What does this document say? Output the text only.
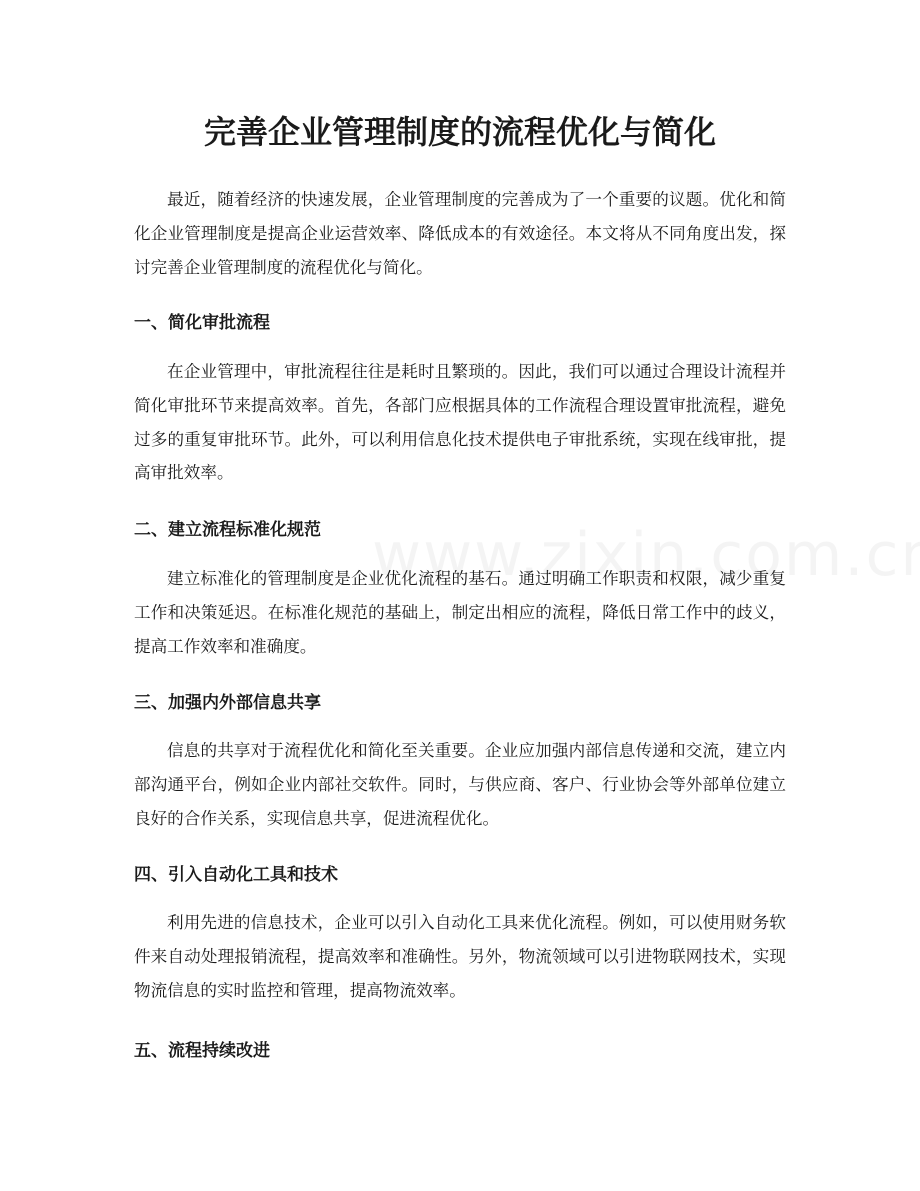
完善企业管理制度的流程优化与简化

最近，随着经济的快速发展，企业管理制度的完善成为了一个重要的议题。优化和简化企业管理制度是提高企业运营效率、降低成本的有效途径。本文将从不同角度出发，探讨完善企业管理制度的流程优化与简化。

一、简化审批流程

在企业管理中，审批流程往往是耗时且繁琐的。因此，我们可以通过合理设计流程并简化审批环节来提高效率。首先，各部门应根据具体的工作流程合理设置审批流程，避免过多的重复审批环节。此外，可以利用信息化技术提供电子审批系统，实现在线审批，提高审批效率。

二、建立流程标准化规范

建立标准化的管理制度是企业优化流程的基石。通过明确工作职责和权限，减少重复工作和决策延迟。在标准化规范的基础上，制定出相应的流程，降低日常工作中的歧义，提高工作效率和准确度。

三、加强内外部信息共享

信息的共享对于流程优化和简化至关重要。企业应加强内部信息传递和交流，建立内部沟通平台，例如企业内部社交软件。同时，与供应商、客户、行业协会等外部单位建立良好的合作关系，实现信息共享，促进流程优化。

四、引入自动化工具和技术

利用先进的信息技术，企业可以引入自动化工具来优化流程。例如，可以使用财务软件来自动处理报销流程，提高效率和准确性。另外，物流领域可以引进物联网技术，实现物流信息的实时监控和管理，提高物流效率。

五、流程持续改进
